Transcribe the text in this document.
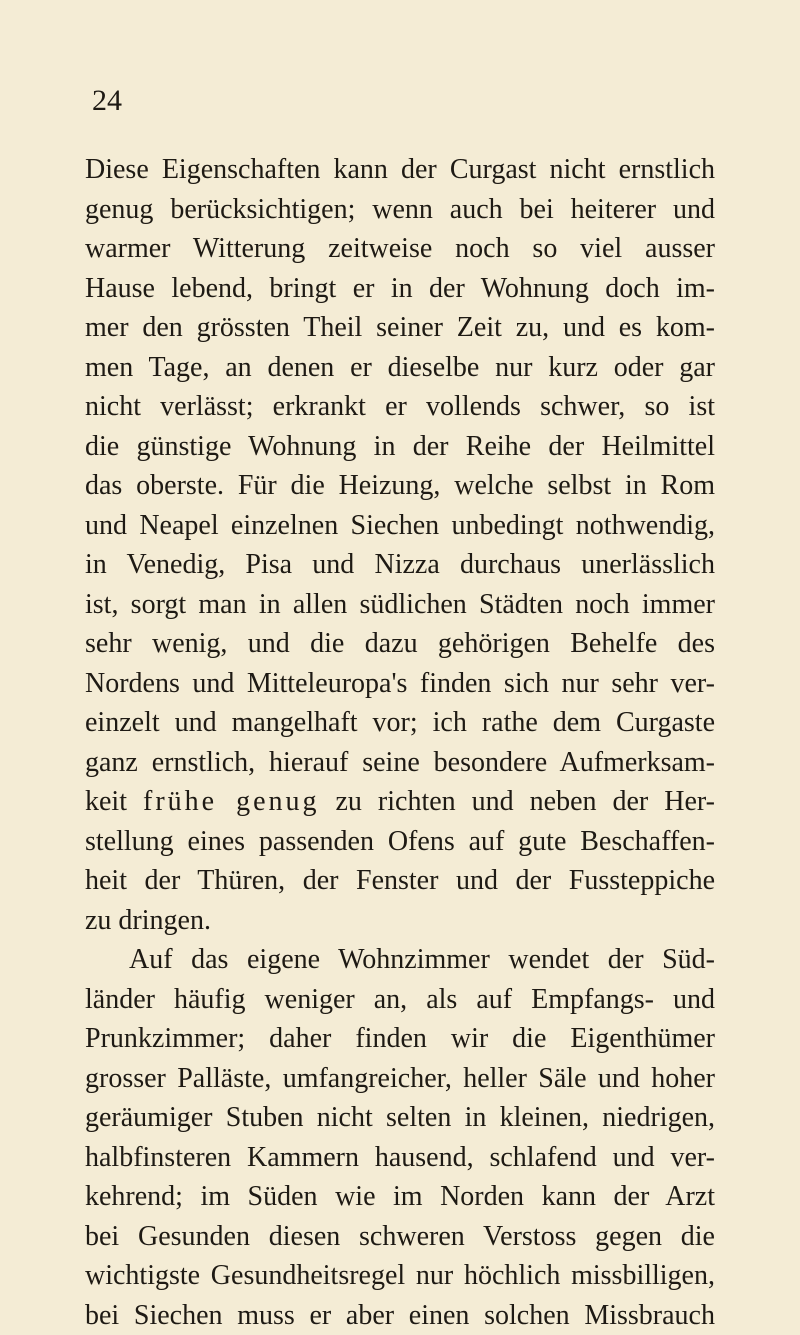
24
Diese Eigenschaften kann der Curgast nicht ernstlich
genug berücksichtigen; wenn auch bei heiterer und
warmer Witterung zeitweise noch so viel ausser
Hause lebend, bringt er in der Wohnung doch im-
mer den grössten Theil seiner Zeit zu, und es kom-
men Tage, an denen er dieselbe nur kurz oder gar
nicht verlässt; erkrankt er vollends schwer, so ist
die günstige Wohnung in der Reihe der Heilmittel
das oberste. Für die Heizung, welche selbst in Rom
und Neapel einzelnen Siechen unbedingt nothwendig,
in Venedig, Pisa und Nizza durchaus unerlässlich
ist, sorgt man in allen südlichen Städten noch immer
sehr wenig, und die dazu gehörigen Behelfe des
Nordens und Mitteleuropa's finden sich nur sehr ver-
einzelt und mangelhaft vor; ich rathe dem Curgaste
ganz ernstlich, hierauf seine besondere Aufmerksam-
keit frühe genug zu richten und neben der Her-
stellung eines passenden Ofens auf gute Beschaffen-
heit der Thüren, der Fenster und der Fussteppiche
zu dringen.
Auf das eigene Wohnzimmer wendet der Süd-
länder häufig weniger an, als auf Empfangs- und
Prunkzimmer; daher finden wir die Eigenthümer
grosser Palläste, umfangreicher, heller Säle und hoher
geräumiger Stuben nicht selten in kleinen, niedrigen,
halbfinsteren Kammern hausend, schlafend und ver-
kehrend; im Süden wie im Norden kann der Arzt
bei Gesunden diesen schweren Verstoss gegen die
wichtigste Gesundheitsregel nur höchlich missbilligen,
bei Siechen muss er aber einen solchen Missbrauch
